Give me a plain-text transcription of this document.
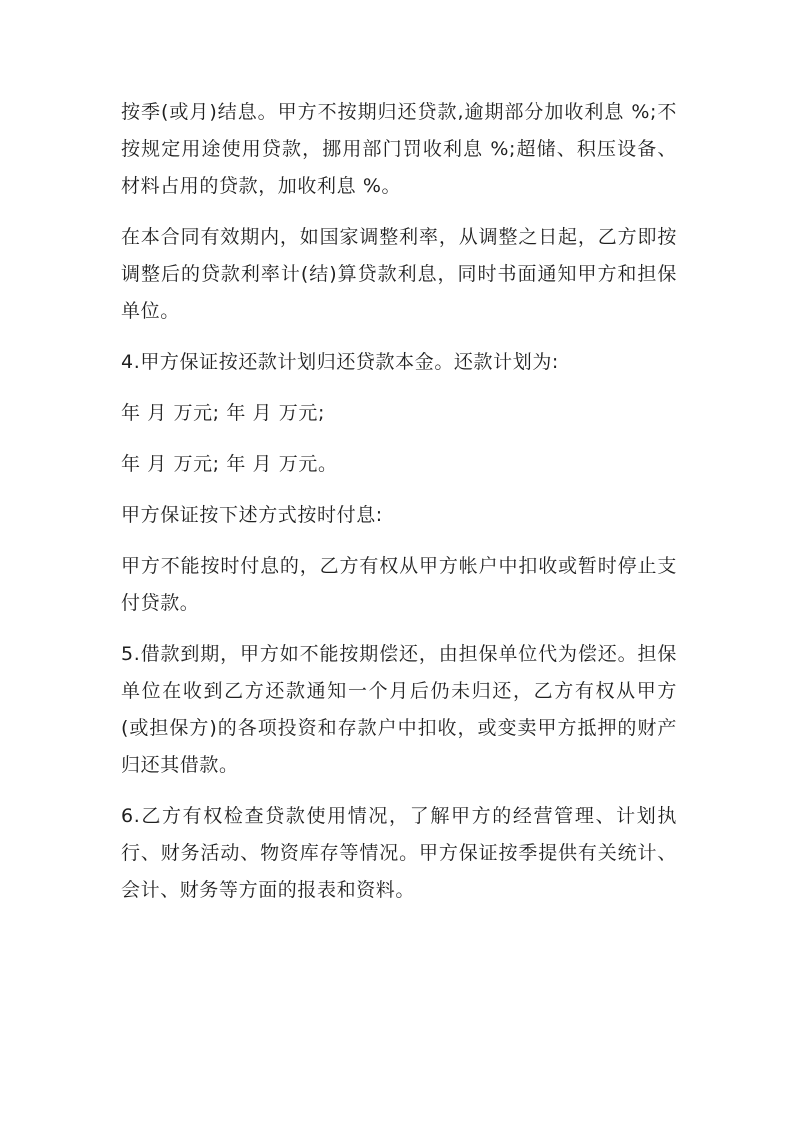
按季(或月)结息。甲方不按期归还贷款,逾期部分加收利息 %;不按规定用途使用贷款，挪用部门罚收利息 %;超储、积压设备、材料占用的贷款，加收利息 %。

在本合同有效期内，如国家调整利率，从调整之日起，乙方即按调整后的贷款利率计(结)算贷款利息，同时书面通知甲方和担保单位。

4.甲方保证按还款计划归还贷款本金。还款计划为:

年 月 万元; 年 月 万元;

年 月 万元; 年 月 万元。

甲方保证按下述方式按时付息:

甲方不能按时付息的，乙方有权从甲方帐户中扣收或暂时停止支付贷款。

5.借款到期，甲方如不能按期偿还，由担保单位代为偿还。担保单位在收到乙方还款通知一个月后仍未归还，乙方有权从甲方(或担保方)的各项投资和存款户中扣收，或变卖甲方抵押的财产归还其借款。

6.乙方有权检查贷款使用情况，了解甲方的经营管理、计划执行、财务活动、物资库存等情况。甲方保证按季提供有关统计、会计、财务等方面的报表和资料。
